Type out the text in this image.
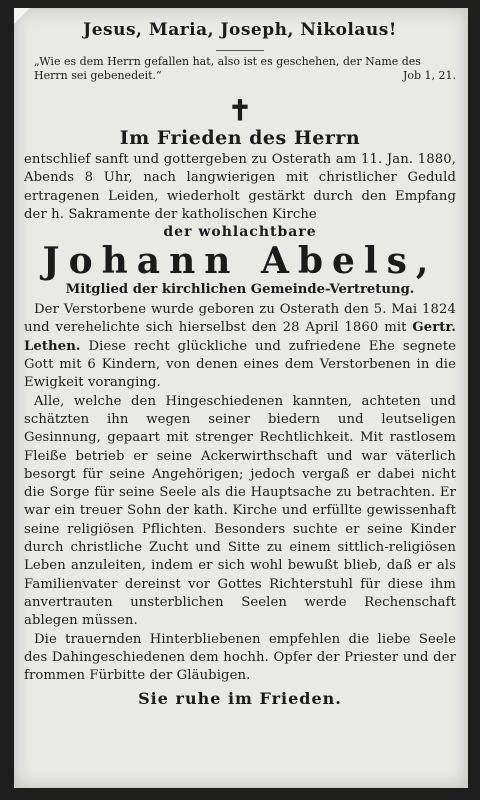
Jesus, Maria, Joseph, Nikolaus!
„Wie es dem Herrn gefallen hat, also ist es geschehen, der Name des Herrn sei gebenedeit.“	Job 1, 21.
✝
Im Frieden des Herrn

entschlief sanft und gottergeben zu Osterath am 11. Jan. 1880, Abends 8 Uhr, nach langwierigen mit christlicher Geduld ertragenen Leiden, wiederholt gestärkt durch den Empfang der h. Sakramente der katholischen Kirche

der wohlachtbare
Johann Abels,
Mitglied der kirchlichen Gemeinde-Vertretung.

Der Verstorbene wurde geboren zu Osterath den 5. Mai 1824 und verehelichte sich hierselbst den 28 April 1860 mit Gertr. Lethen. Diese recht glückliche und zufriedene Ehe segnete Gott mit 6 Kindern, von denen eines dem Verstorbenen in die Ewigkeit voranging.

Alle, welche den Hingeschiedenen kannten, achteten und schätzten ihn wegen seiner biedern und leutseligen Gesinnung, gepaart mit strenger Rechtlichkeit. Mit rastlosem Fleiße betrieb er seine Ackerwirthschaft und war väterlich besorgt für seine Angehörigen; jedoch vergaß er dabei nicht die Sorge für seine Seele als die Hauptsache zu betrachten. Er war ein treuer Sohn der kath. Kirche und erfüllte gewissenhaft seine religiösen Pflichten. Besonders suchte er seine Kinder durch christliche Zucht und Sitte zu einem sittlich-religiösen Leben anzuleiten, indem er sich wohl bewußt blieb, daß er als Familienvater dereinst vor Gottes Richterstuhl für diese ihm anvertrauten unsterblichen Seelen werde Rechenschaft ablegen müssen.

Die trauernden Hinterbliebenen empfehlen die liebe Seele des Dahingeschiedenen dem hochh. Opfer der Priester und der frommen Fürbitte der Gläubigen.

Sie ruhe im Frieden.
